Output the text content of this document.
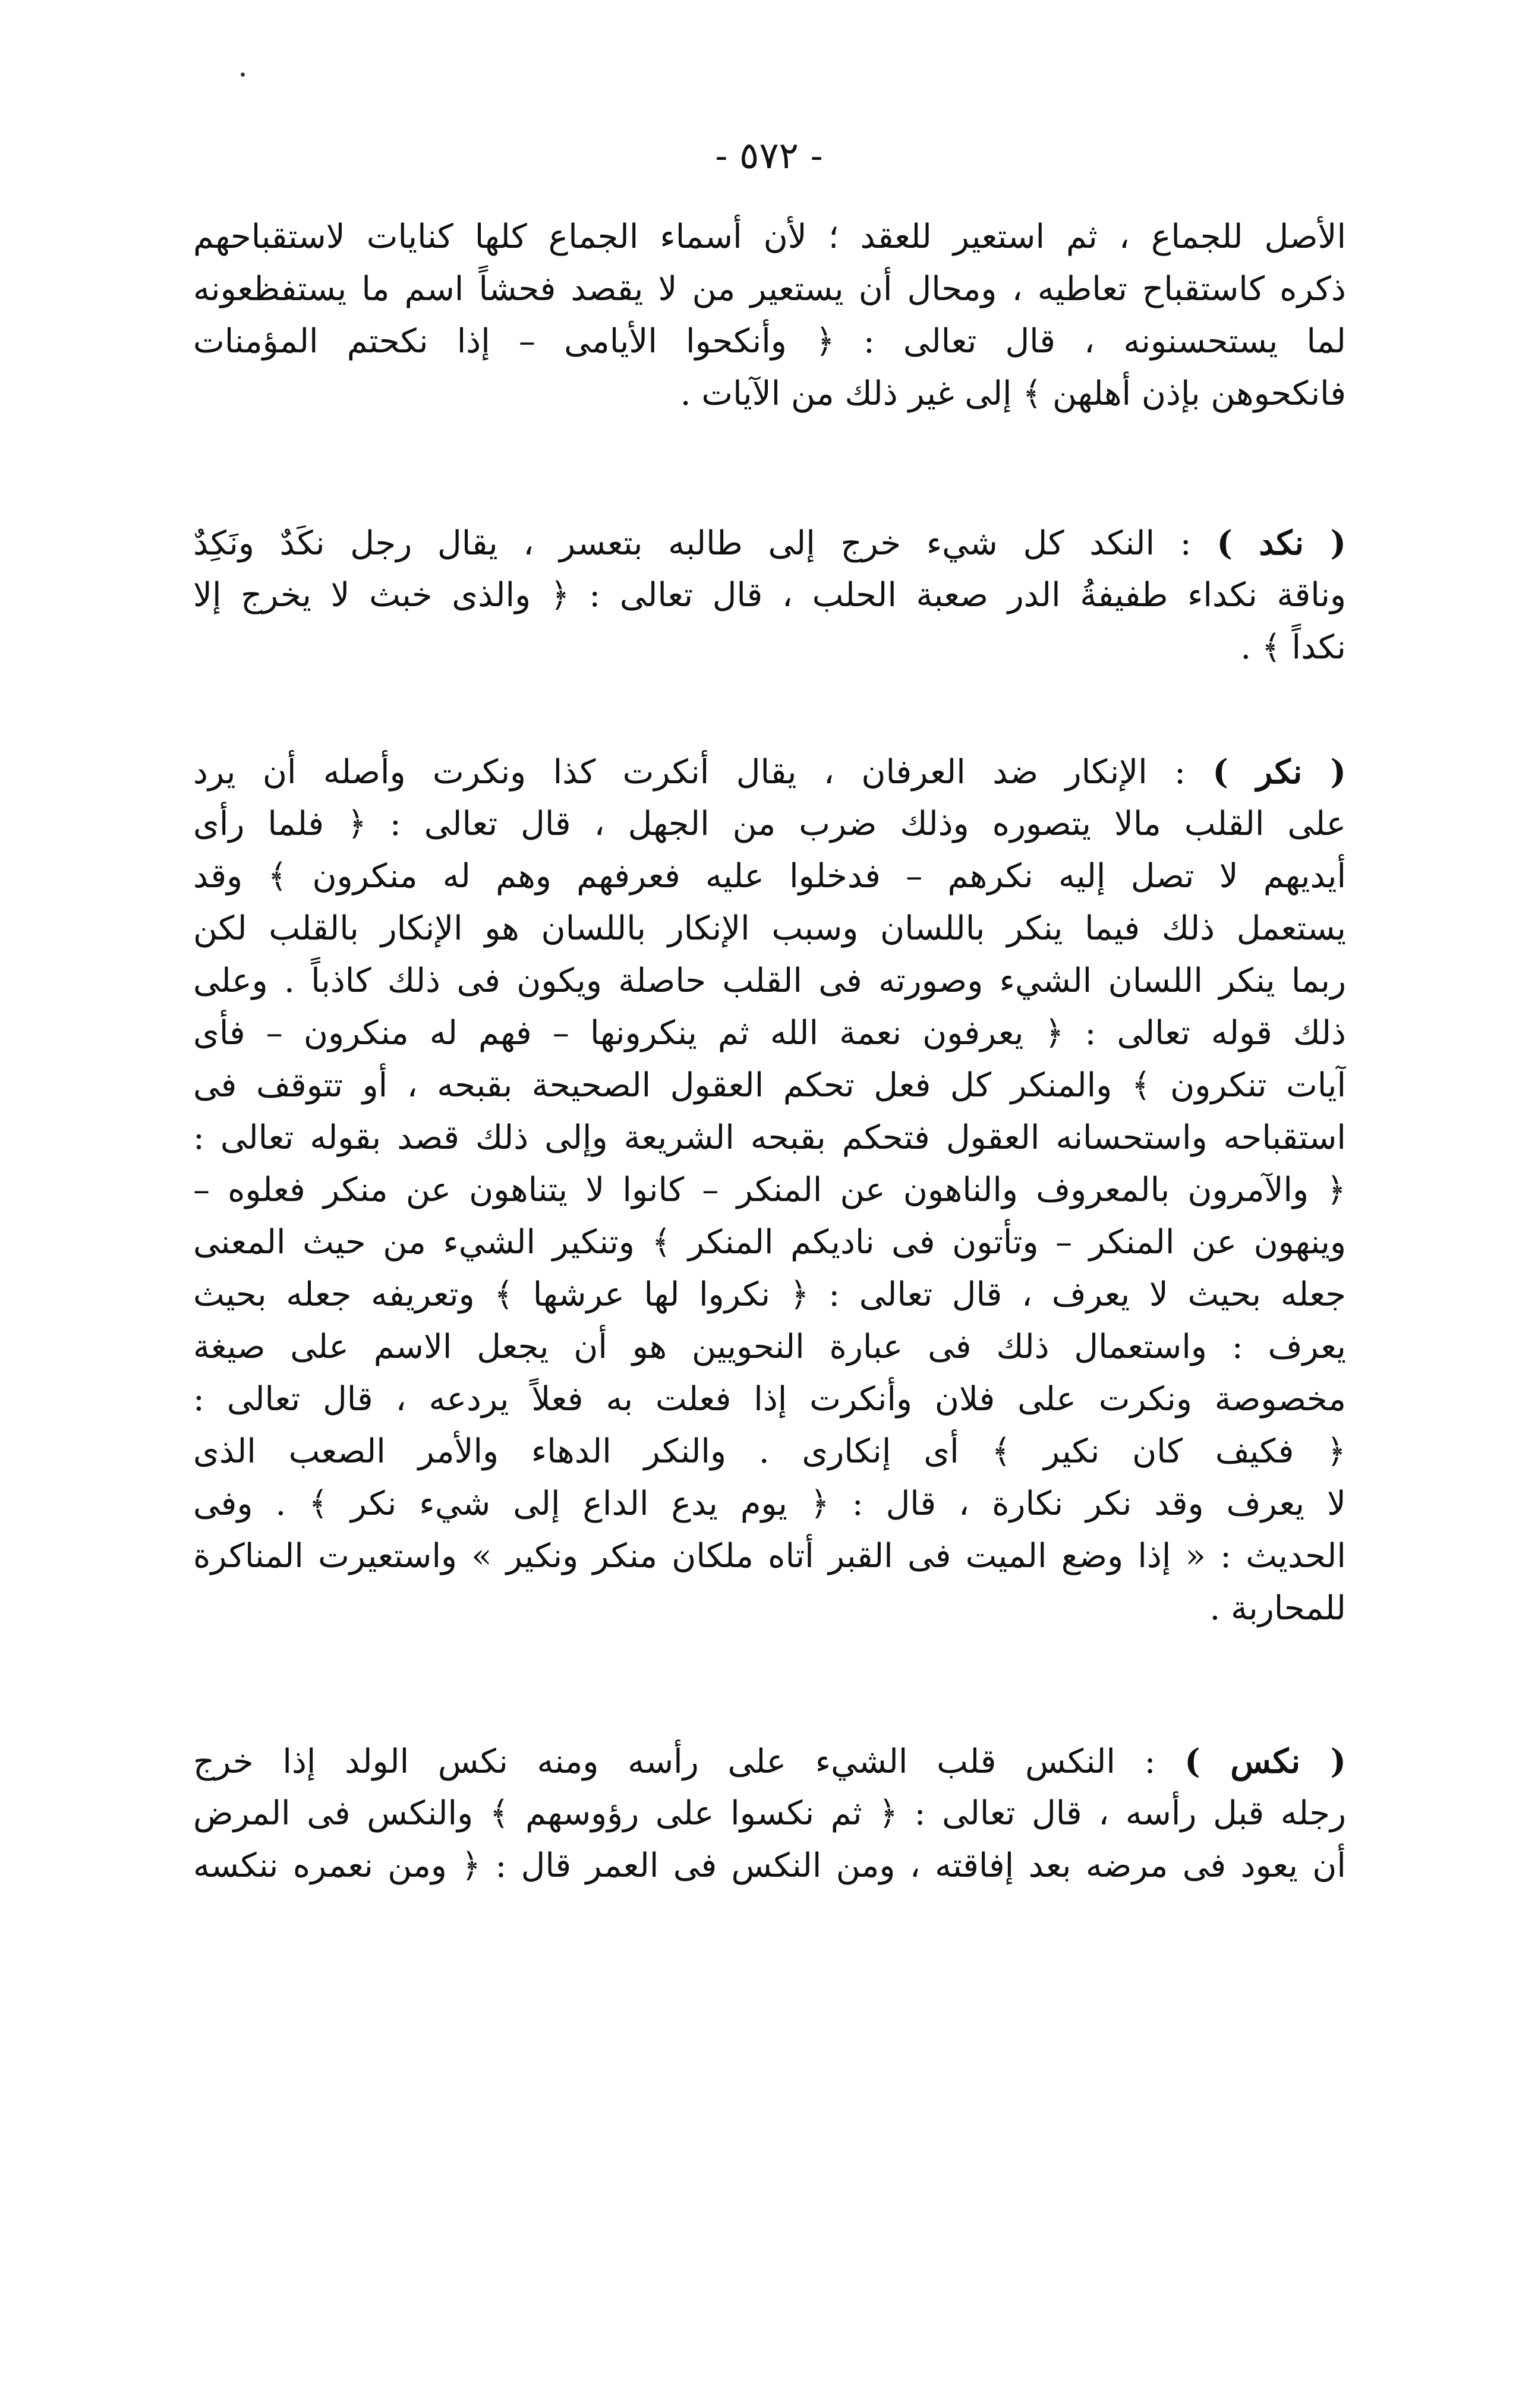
- ٥٧٢ -
الأصل للجماع ، ثم استعير للعقد ؛ لأن أسماء الجماع كلها كنايات لاستقباحهم
ذكره كاستقباح تعاطيه ، ومحال أن يستعير من لا يقصد فحشاً اسم ما يستفظعونه
لما يستحسنونه ، قال تعالى : ﴿ وأنكحوا الأيامى – إذا نكحتم المؤمنات
فانكحوهن بإذن أهلهن ﴾ إلى غير ذلك من الآيات .
( نكد ) : النكد كل شيء خرج إلى طالبه بتعسر ، يقال رجل نكَدٌ ونَكِدٌ
وناقة نكداء طفيفةُ الدر صعبة الحلب ، قال تعالى : ﴿ والذى خبث لا يخرج إلا
نكداً ﴾ .
( نكر ) : الإنكار ضد العرفان ، يقال أنكرت كذا ونكرت وأصله أن يرد
على القلب مالا يتصوره وذلك ضرب من الجهل ، قال تعالى : ﴿ فلما رأى
أيديهم لا تصل إليه نكرهم – فدخلوا عليه فعرفهم وهم له منكرون ﴾ وقد
يستعمل ذلك فيما ينكر باللسان وسبب الإنكار باللسان هو الإنكار بالقلب لكن
ربما ينكر اللسان الشيء وصورته فى القلب حاصلة ويكون فى ذلك كاذباً . وعلى
ذلك قوله تعالى : ﴿ يعرفون نعمة الله ثم ينكرونها – فهم له منكرون – فأى
آيات تنكرون ﴾ والمنكر كل فعل تحكم العقول الصحيحة بقبحه ، أو تتوقف فى
استقباحه واستحسانه العقول فتحكم بقبحه الشريعة وإلى ذلك قصد بقوله تعالى :
﴿ والآمرون بالمعروف والناهون عن المنكر – كانوا لا يتناهون عن منكر فعلوه –
وينهون عن المنكر – وتأتون فى ناديكم المنكر ﴾ وتنكير الشيء من حيث المعنى
جعله بحيث لا يعرف ، قال تعالى : ﴿ نكروا لها عرشها ﴾ وتعريفه جعله بحيث
يعرف : واستعمال ذلك فى عبارة النحويين هو أن يجعل الاسم على صيغة
مخصوصة ونكرت على فلان وأنكرت إذا فعلت به فعلاً يردعه ، قال تعالى :
﴿ فكيف كان نكير ﴾ أى إنكارى . والنكر الدهاء والأمر الصعب الذى
لا يعرف وقد نكر نكارة ، قال : ﴿ يوم يدع الداع إلى شيء نكر ﴾ . وفى
الحديث : « إذا وضع الميت فى القبر أتاه ملكان منكر ونكير » واستعيرت المناكرة
للمحاربة .
( نكس ) : النكس قلب الشيء على رأسه ومنه نكس الولد إذا خرج
رجله قبل رأسه ، قال تعالى : ﴿ ثم نكسوا على رؤوسهم ﴾ والنكس فى المرض
أن يعود فى مرضه بعد إفاقته ، ومن النكس فى العمر قال : ﴿ ومن نعمره ننكسه
